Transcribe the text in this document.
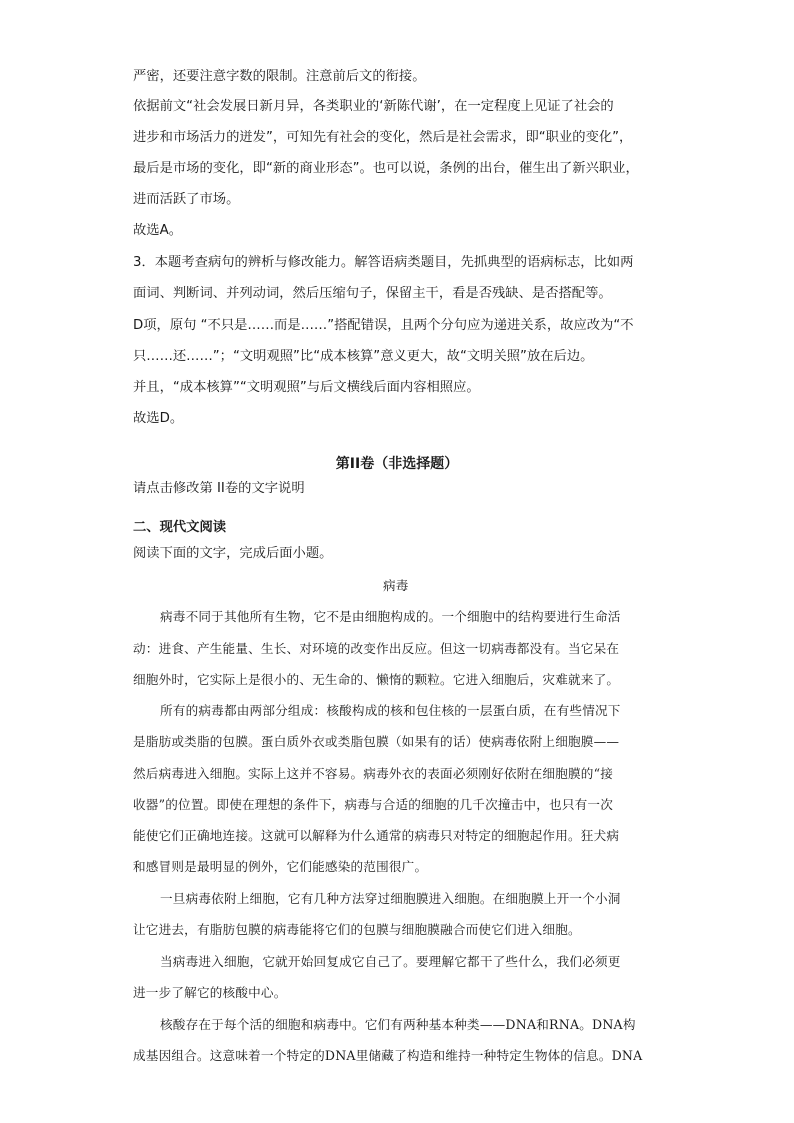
严密，还要注意字数的限制。注意前后文的衔接。
依据前文“社会发展日新月异，各类职业的‘新陈代谢’，在一定程度上见证了社会的
进步和市场活力的迸发”，可知先有社会的变化，然后是社会需求，即“职业的变化”，
最后是市场的变化，即“新的商业形态”。也可以说，条例的出台，催生出了新兴职业，
进而活跃了市场。
故选A。
3．本题考查病句的辨析与修改能力。解答语病类题目，先抓典型的语病标志，比如两
面词、判断词、并列动词，然后压缩句子，保留主干，看是否残缺、是否搭配等。
D项，原句 “不只是……而是……”搭配错误，且两个分句应为递进关系，故应改为“不
只……还……”；“文明观照”比“成本核算”意义更大，故“文明关照”放在后边。
并且，“成本核算”“文明观照”与后文横线后面内容相照应。
故选D。
第II卷（非选择题）
请点击修改第 II卷的文字说明
二、现代文阅读
阅读下面的文字，完成后面小题。
病毒
病毒不同于其他所有生物，它不是由细胞构成的。一个细胞中的结构要进行生命活
动：进食、产生能量、生长、对环境的改变作出反应。但这一切病毒都没有。当它呆在
细胞外时，它实际上是很小的、无生命的、懒惰的颗粒。它进入细胞后，灾难就来了。
所有的病毒都由两部分组成：核酸构成的核和包住核的一层蛋白质，在有些情况下
是脂肪或类脂的包膜。蛋白质外衣或类脂包膜（如果有的话）使病毒依附上细胞膜——
然后病毒进入细胞。实际上这并不容易。病毒外衣的表面必须刚好依附在细胞膜的“接
收器”的位置。即使在理想的条件下，病毒与合适的细胞的几千次撞击中，也只有一次
能使它们正确地连接。这就可以解释为什么通常的病毒只对特定的细胞起作用。狂犬病
和感冒则是最明显的例外，它们能感染的范围很广。
一旦病毒依附上细胞，它有几种方法穿过细胞膜进入细胞。在细胞膜上开一个小洞
让它进去，有脂肪包膜的病毒能将它们的包膜与细胞膜融合而使它们进入细胞。
当病毒进入细胞，它就开始回复成它自己了。要理解它都干了些什么，我们必须更
进一步了解它的核酸中心。
核酸存在于每个活的细胞和病毒中。它们有两种基本种类——DNA和RNA。DNA构
成基因组合。这意味着一个特定的DNA里储藏了构造和维持一种特定生物体的信息。DNA
